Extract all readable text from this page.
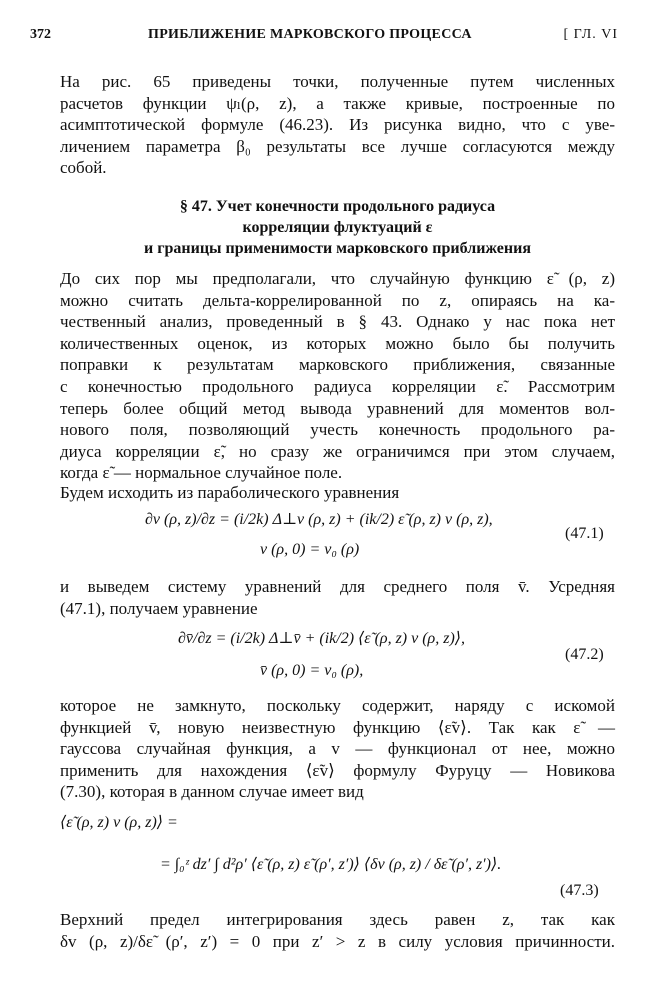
372	ПРИБЛИЖЕНИЕ МАРКОВСКОГО ПРОЦЕССА	[ ГЛ. VI
На рис. 65 приведены точки, полученные путем численных
расчетов функции ψₗ(ρ, z), а также кривые, построенные по
асимптотической формуле (46.23). Из рисунка видно, что с уве-
личением параметра β₀ результаты все лучше согласуются между
собой.
§ 47. Учет конечности продольного радиуса
корреляции флуктуаций ε
и границы применимости марковского приближения
До сих пор мы предполагали, что случайную функцию ε̃ (ρ, z)
можно считать дельта-коррелированной по z, опираясь на ка-
чественный анализ, проведенный в § 43. Однако у нас пока нет
количественных оценок, из которых можно было бы получить
поправки к результатам марковского приближения, связанные
с конечностью продольного радиуса корреляции ε̃. Рассмотрим
теперь более общий метод вывода уравнений для моментов вол-
нового поля, позволяющий учесть конечность продольного ра-
диуса корреляции ε̃, но сразу же ограничимся при этом случаем,
когда ε̃ — нормальное случайное поле.
Будем исходить из параболического уравнения
∂v (ρ, z)/∂z = (i/2k) Δ⊥v (ρ, z) + (ik/2) ε̃ (ρ, z) v (ρ, z),
v (ρ, 0) = v₀ (ρ)
(47.1)
и выведем систему уравнений для среднего поля v̄. Усредняя
(47.1), получаем уравнение
∂v̄/∂z = (i/2k) Δ⊥v̄ + (ik/2) ⟨ε̃ (ρ, z) v (ρ, z)⟩,
v̄ (ρ, 0) = v₀ (ρ),
(47.2)
которое не замкнуто, поскольку содержит, наряду с искомой
функцией v̄, новую неизвестную функцию ⟨ε̃v⟩. Так как ε̃ —
гауссова случайная функция, а v — функционал от нее, можно
применить для нахождения ⟨ε̃v⟩ формулу Фуруцу — Новикова
(7.30), которая в данном случае имеет вид
⟨ε̃ (ρ, z) v (ρ, z)⟩ =
= ∫₀ᶻ dz′ ∫ d²ρ′ ⟨ε̃ (ρ, z) ε̃ (ρ′, z′)⟩ ⟨δv (ρ, z) / δε̃ (ρ′, z′)⟩.
(47.3)
Верхний предел интегрирования здесь равен z, так как
δv (ρ, z)/δε̃ (ρ′, z′) = 0 при z′ > z в силу условия причинности.
